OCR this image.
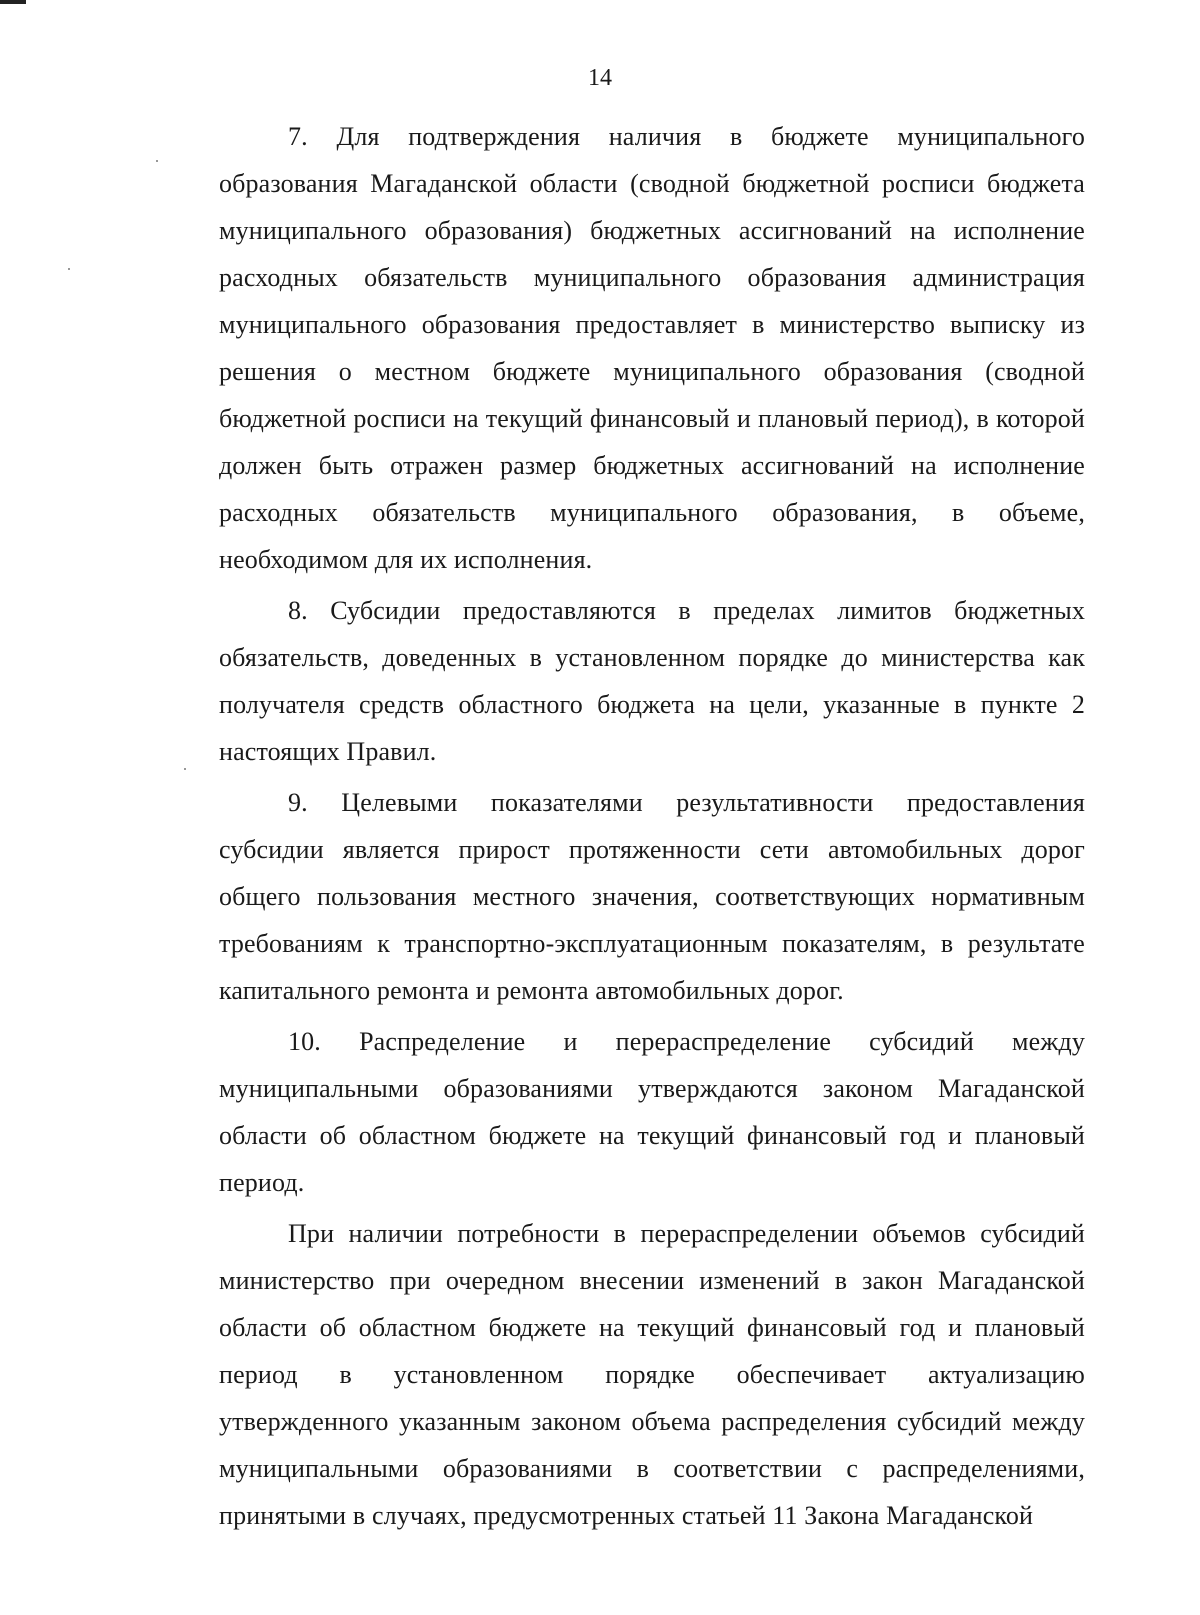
14

7. Для подтверждения наличия в бюджете муниципального образования Магаданской области (сводной бюджетной росписи бюджета муниципального образования) бюджетных ассигнований на исполнение расходных обязательств муниципального образования администрация муниципального образования предоставляет в министерство выписку из решения о местном бюджете муниципального образования (сводной бюджетной росписи на текущий финансовый и плановый период), в которой должен быть отражен размер бюджетных ассигнований на исполнение расходных обязательств муниципального образования, в объеме, необходимом для их исполнения.

8. Субсидии предоставляются в пределах лимитов бюджетных обязательств, доведенных в установленном порядке до министерства как получателя средств областного бюджета на цели, указанные в пункте 2 настоящих Правил.

9. Целевыми показателями результативности предоставления субсидии является прирост протяженности сети автомобильных дорог общего пользования местного значения, соответствующих нормативным требованиям к транспортно-эксплуатационным показателям, в результате капитального ремонта и ремонта автомобильных дорог.

10. Распределение и перераспределение субсидий между муниципальными образованиями утверждаются законом Магаданской области об областном бюджете на текущий финансовый год и плановый период.

При наличии потребности в перераспределении объемов субсидий министерство при очередном внесении изменений в закон Магаданской области об областном бюджете на текущий финансовый год и плановый период в установленном порядке обеспечивает актуализацию утвержденного указанным законом объема распределения субсидий между муниципальными образованиями в соответствии с распределениями, принятыми в случаях, предусмотренных статьей 11 Закона Магаданской
